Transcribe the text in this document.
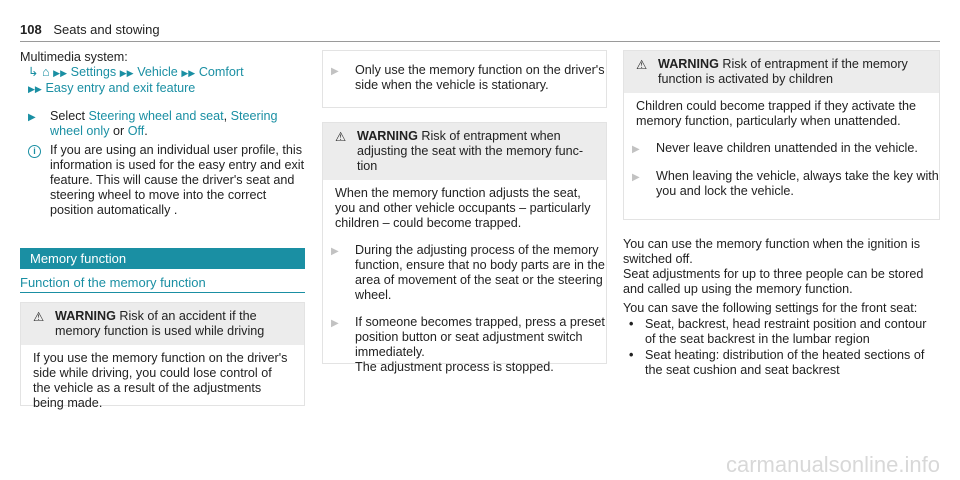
108 Seats and stowing
Multimedia system:
↳ ⌂ ▶▶ Settings ▶▶ Vehicle ▶▶ Comfort
▶▶ Easy entry and exit feature
▶	Select Steering wheel and seat, Steering wheel only or Off.
i	If you are using an individual user profile, this information is used for the easy entry and exit feature. This will cause the driver's seat and steering wheel to move into the correct position automatically .
Memory function
Function of the memory function
⚠ WARNING Risk of an accident if the memory function is used while driving
If you use the memory function on the driver's side while driving, you could lose control of the vehicle as a result of the adjustments being made.
▶	Only use the memory function on the driver's side when the vehicle is stationary.
⚠ WARNING Risk of entrapment when adjusting the seat with the memory function
When the memory function adjusts the seat, you and other vehicle occupants – particularly children – could become trapped.
▶	During the adjusting process of the memory function, ensure that no body parts are in the area of movement of the seat or the steering wheel.
▶	If someone becomes trapped, press a preset position button or seat adjustment switch immediately.
The adjustment process is stopped.
⚠ WARNING Risk of entrapment if the memory function is activated by children
Children could become trapped if they activate the memory function, particularly when unattended.
▶	Never leave children unattended in the vehicle.
▶	When leaving the vehicle, always take the key with you and lock the vehicle.
You can use the memory function when the ignition is switched off.
Seat adjustments for up to three people can be stored and called up using the memory function.
You can save the following settings for the front seat:
• Seat, backrest, head restraint position and contour of the seat backrest in the lumbar region
• Seat heating: distribution of the heated sections of the seat cushion and seat backrest
carmanualsonline.info
